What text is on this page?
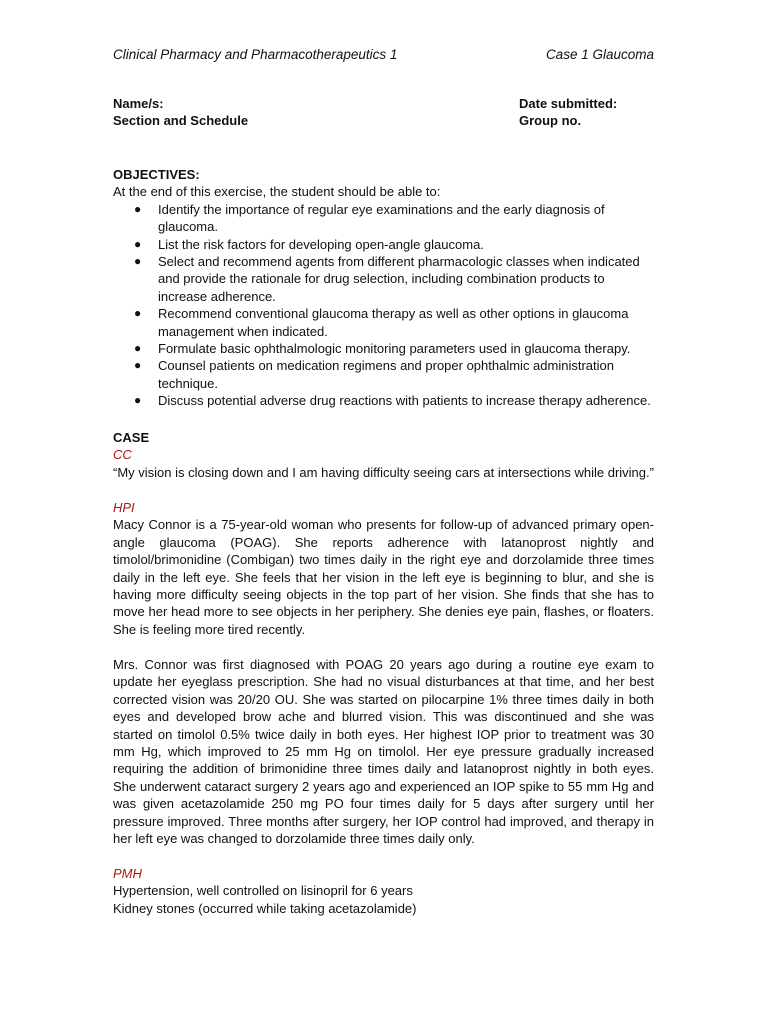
Clinical Pharmacy and Pharmacotherapeutics 1	Case 1 Glaucoma
Name/s:	Date submitted:
Section and Schedule	Group no.
OBJECTIVES:
At the end of this exercise, the student should be able to:
● Identify the importance of regular eye examinations and the early diagnosis of glaucoma.
● List the risk factors for developing open-angle glaucoma.
● Select and recommend agents from different pharmacologic classes when indicated and provide the rationale for drug selection, including combination products to increase adherence.
● Recommend conventional glaucoma therapy as well as other options in glaucoma management when indicated.
● Formulate basic ophthalmologic monitoring parameters used in glaucoma therapy.
● Counsel patients on medication regimens and proper ophthalmic administration technique.
● Discuss potential adverse drug reactions with patients to increase therapy adherence.
CASE
CC
“My vision is closing down and I am having difficulty seeing cars at intersections while driving.”
HPI

Macy Connor is a 75-year-old woman who presents for follow-up of advanced primary open-angle glaucoma (POAG). She reports adherence with latanoprost nightly and timolol/brimonidine (Combigan) two times daily in the right eye and dorzolamide three times daily in the left eye. She feels that her vision in the left eye is beginning to blur, and she is having more difficulty seeing objects in the top part of her vision. She finds that she has to move her head more to see objects in her periphery. She denies eye pain, flashes, or floaters. She is feeling more tired recently.

Mrs. Connor was first diagnosed with POAG 20 years ago during a routine eye exam to update her eyeglass prescription. She had no visual disturbances at that time, and her best corrected vision was 20/20 OU. She was started on pilocarpine 1% three times daily in both eyes and developed brow ache and blurred vision. This was discontinued and she was started on timolol 0.5% twice daily in both eyes. Her highest IOP prior to treatment was 30 mm Hg, which improved to 25 mm Hg on timolol. Her eye pressure gradually increased requiring the addition of brimonidine three times daily and latanoprost nightly in both eyes. She underwent cataract surgery 2 years ago and experienced an IOP spike to 55 mm Hg and was given acetazolamide 250 mg PO four times daily for 5 days after surgery until her pressure improved. Three months after surgery, her IOP control had improved, and therapy in her left eye was changed to dorzolamide three times daily only.

PMH
Hypertension, well controlled on lisinopril for 6 years
Kidney stones (occurred while taking acetazolamide)
